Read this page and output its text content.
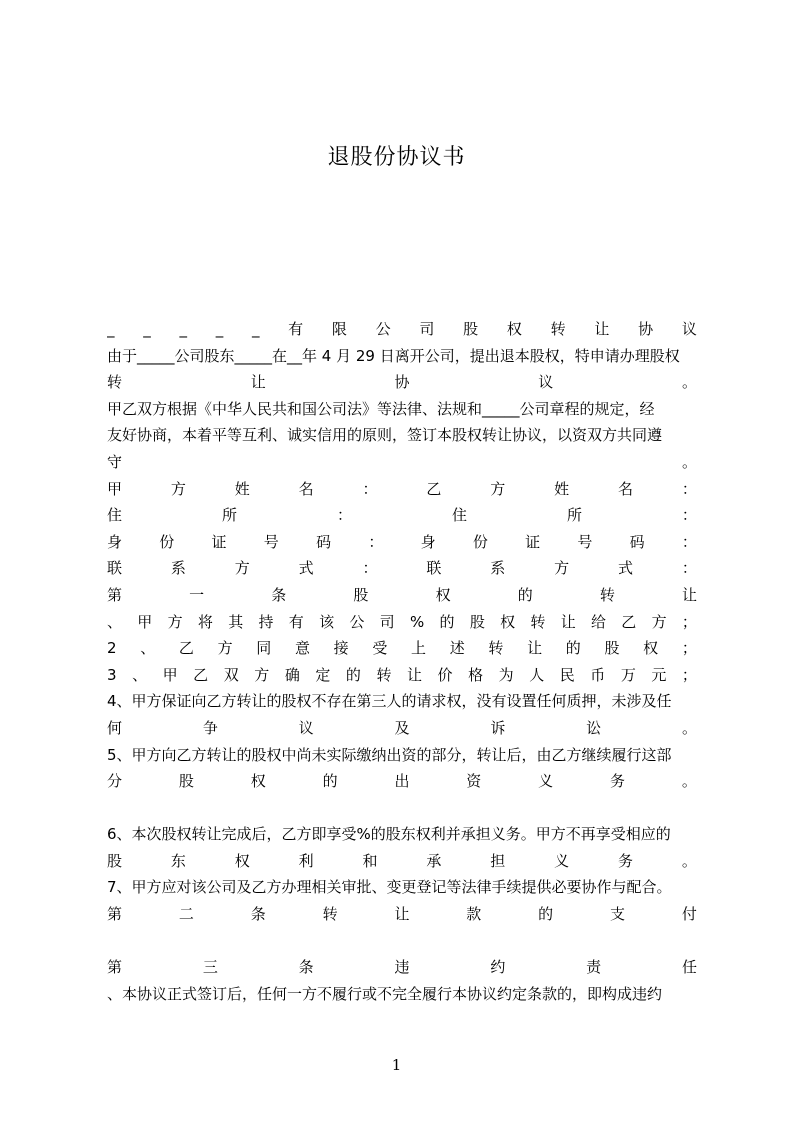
退股份协议书
_ _ _ _ _ 有 限 公 司 股 权 转 让 协 议
由于_____公司股东_____在__年 4 月 29 日离开公司，提出退本股权，特申请办理股权
转	让	协	议	。
甲乙双方根据《中华人民共和国公司法》等法律、法规和_____公司章程的规定，经
友好协商，本着平等互利、诚实信用的原则，签订本股权转让协议，以资双方共同遵
守	。
甲	方	姓	名	：	乙	方	姓	名	：
住	所	：	住	所	：
身 份 证 号 码 ： 身 份 证 号 码 ：
联	系	方	式	：	联	系	方	式	：
第	一	条	股	权	的	转	让
、 甲 方 将 其 持 有 该 公 司 % 的 股 权 转 让 给 乙 方 ；
2 、 乙 方 同 意 接 受 上 述 转 让 的 股 权 ；
3 、 甲 乙 双 方 确 定 的 转 让 价 格 为 人 民 币 万 元 ；
4、甲方保证向乙方转让的股权不存在第三人的请求权，没有设置任何质押，未涉及任
何	争	议	及	诉	讼	。
5、甲方向乙方转让的股权中尚未实际缴纳出资的部分，转让后，由乙方继续履行这部
分	股	权	的	出	资	义	务	。
6、本次股权转让完成后，乙方即享受%的股东权利并承担义务。甲方不再享受相应的
股	东	权	利	和	承	担	义	务	。
7、甲方应对该公司及乙方办理相关审批、变更登记等法律手续提供必要协作与配合。
第	二	条	转	让	款	的	支	付
第	三	条	违	约	责	任
、本协议正式签订后，任何一方不履行或不完全履行本协议约定条款的，即构成违约
1
